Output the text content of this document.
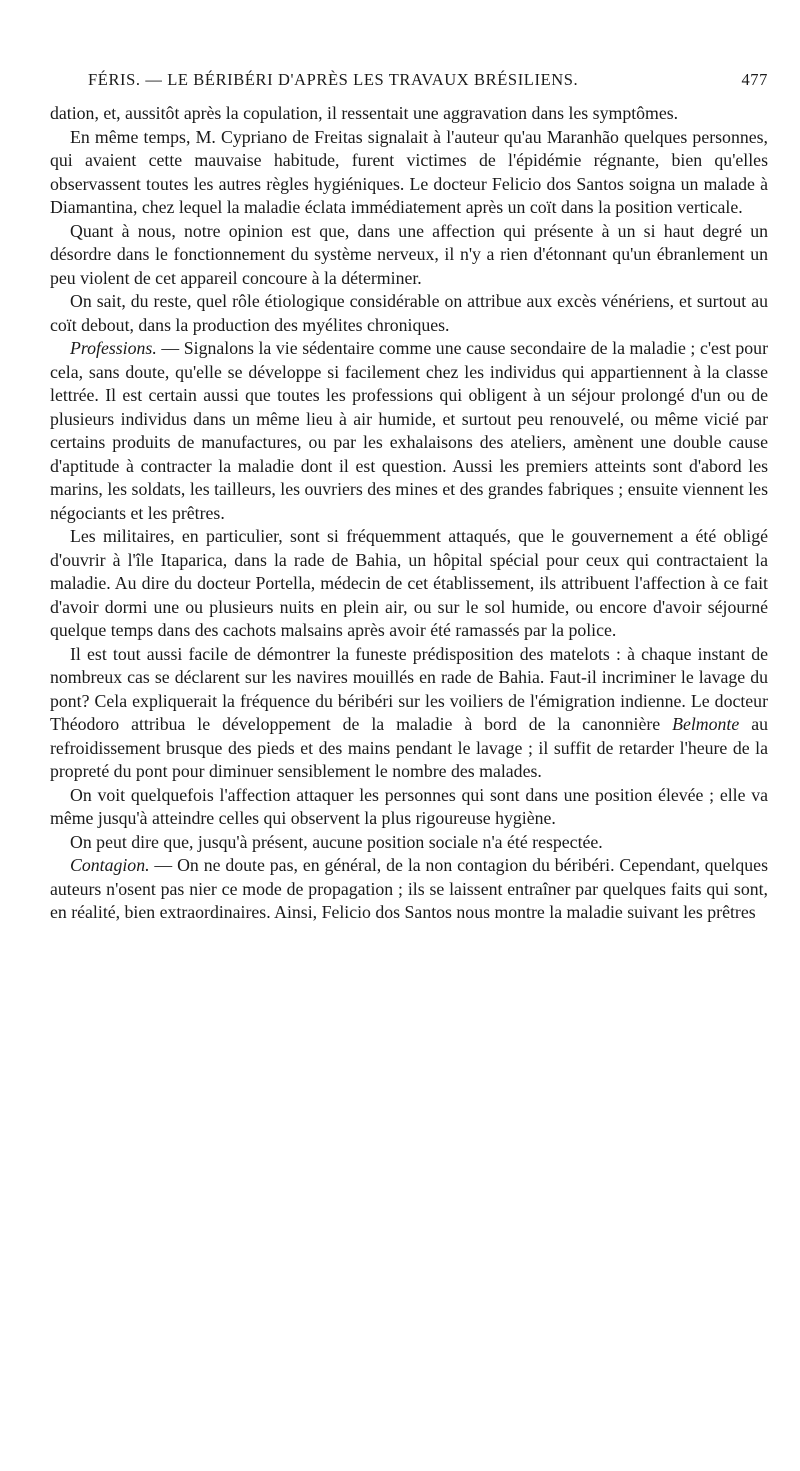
FÉRIS. — LE BÉRIBÉRI D'APRÈS LES TRAVAUX BRÉSILIENS.	477

dation, et, aussitôt après la copulation, il ressentait une aggravation dans les symptômes.

En même temps, M. Cypriano de Freitas signalait à l'auteur qu'au Maranhão quelques personnes, qui avaient cette mauvaise habitude, furent victimes de l'épidémie régnante, bien qu'elles observassent toutes les autres règles hygiéniques. Le docteur Felicio dos Santos soigna un malade à Diamantina, chez lequel la maladie éclata immédiatement après un coït dans la position verticale.

Quant à nous, notre opinion est que, dans une affection qui présente à un si haut degré un désordre dans le fonctionnement du système nerveux, il n'y a rien d'étonnant qu'un ébranlement un peu violent de cet appareil concoure à la déterminer.

On sait, du reste, quel rôle étiologique considérable on attribue aux excès vénériens, et surtout au coït debout, dans la production des myélites chroniques.

Professions. — Signalons la vie sédentaire comme une cause secondaire de la maladie ; c'est pour cela, sans doute, qu'elle se développe si facilement chez les individus qui appartiennent à la classe lettrée. Il est certain aussi que toutes les professions qui obligent à un séjour prolongé d'un ou de plusieurs individus dans un même lieu à air humide, et surtout peu renouvelé, ou même vicié par certains produits de manufactures, ou par les exhalaisons des ateliers, amènent une double cause d'aptitude à contracter la maladie dont il est question. Aussi les premiers atteints sont d'abord les marins, les soldats, les tailleurs, les ouvriers des mines et des grandes fabriques ; ensuite viennent les négociants et les prêtres.

Les militaires, en particulier, sont si fréquemment attaqués, que le gouvernement a été obligé d'ouvrir à l'île Itaparica, dans la rade de Bahia, un hôpital spécial pour ceux qui contractaient la maladie. Au dire du docteur Portella, médecin de cet établissement, ils attribuent l'affection à ce fait d'avoir dormi une ou plusieurs nuits en plein air, ou sur le sol humide, ou encore d'avoir séjourné quelque temps dans des cachots malsains après avoir été ramassés par la police.

Il est tout aussi facile de démontrer la funeste prédisposition des matelots : à chaque instant de nombreux cas se déclarent sur les navires mouillés en rade de Bahia. Faut-il incriminer le lavage du pont? Cela expliquerait la fréquence du béribéri sur les voiliers de l'émigration indienne. Le docteur Théodoro attribua le développement de la maladie à bord de la canonnière Belmonte au refroidissement brusque des pieds et des mains pendant le lavage ; il suffit de retarder l'heure de la propreté du pont pour diminuer sensiblement le nombre des malades.

On voit quelquefois l'affection attaquer les personnes qui sont dans une position élevée ; elle va même jusqu'à atteindre celles qui observent la plus rigoureuse hygiène.

On peut dire que, jusqu'à présent, aucune position sociale n'a été respectée.

Contagion. — On ne doute pas, en général, de la non contagion du béribéri. Cependant, quelques auteurs n'osent pas nier ce mode de propagation ; ils se laissent entraîner par quelques faits qui sont, en réalité, bien extraordinaires. Ainsi, Felicio dos Santos nous montre la maladie suivant les prêtres
